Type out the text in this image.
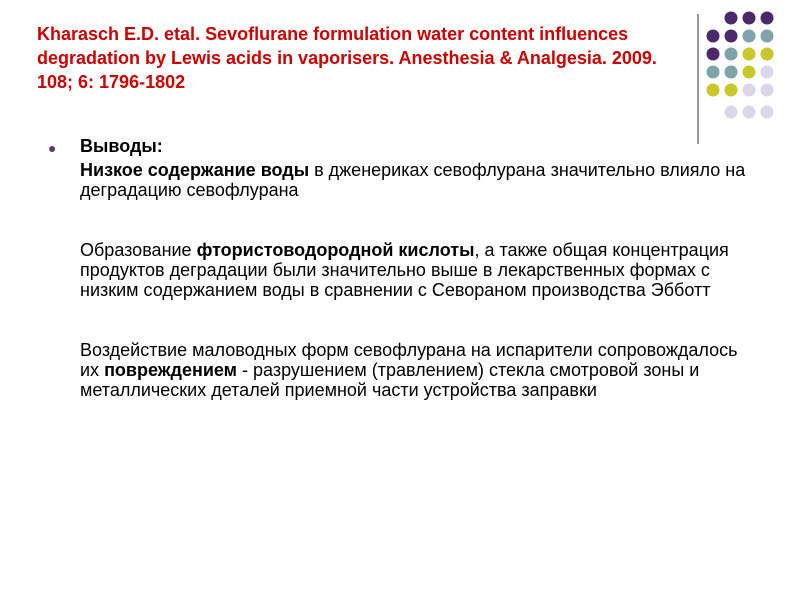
Kharasch E.D. etal. Sevoflurane formulation water content influences degradation by Lewis acids in vaporisers. Anesthesia & Analgesia. 2009. 108; 6: 1796-1802
● Выводы:

Низкое содержание воды в дженериках севофлурана значительно влияло на деградацию севофлурана

Образование фтористоводородной кислоты, а также общая концентрация продуктов деградации были значительно выше в лекарственных формах с низким содержанием воды в сравнении с Севораном производства Эбботт

Воздействие маловодных форм севофлурана на испарители сопровождалось их повреждением - разрушением (травлением) стекла смотровой зоны и металлических деталей приемной части устройства заправки
